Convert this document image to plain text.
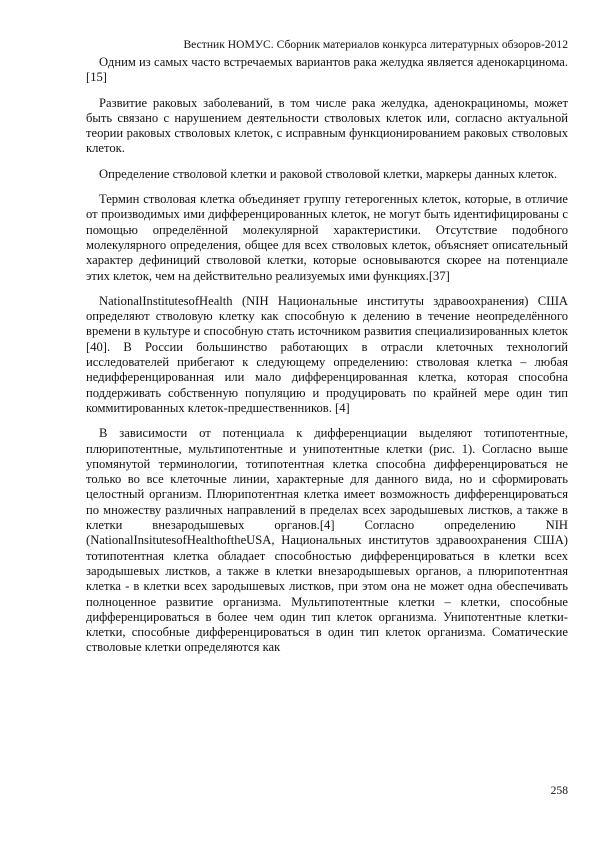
Вестник НОМУС. Сборник материалов конкурса литературных обзоров-2012

Одним из самых часто встречаемых вариантов рака желудка является аденокарцинома. [15]

Развитие раковых заболеваний, в том числе рака желудка, аденокрациномы, может быть связано с нарушением деятельности стволовых клеток или, согласно актуальной теории раковых стволовых клеток, с исправным функционированием раковых стволовых клеток.

Определение стволовой клетки и раковой стволовой клетки, маркеры данных клеток.

Термин стволовая клетка объединяет группу гетерогенных клеток, которые, в отличие от производимых ими дифференцированных клеток, не могут быть идентифицированы с помощью определённой молекулярной характеристики. Отсутствие подобного молекулярного определения, общее для всех стволовых клеток, объясняет описательный характер дефиниций стволовой клетки, которые основываются скорее на потенциале этих клеток, чем на действительно реализуемых ими функциях.[37]

NationalInstitutesofHealth (NIH Национальные институты здравоохранения) США определяют стволовую клетку как способную к делению в течение неопределённого времени в культуре и способную стать источником развития специализированных клеток [40]. В России большинство работающих в отрасли клеточных технологий исследователей прибегают к следующему определению: стволовая клетка – любая недифференцированная или мало дифференцированная клетка, которая способна поддерживать собственную популяцию и продуцировать по крайней мере один тип коммитированных клеток-предшественников. [4]

В зависимости от потенциала к дифференциации выделяют тотипотентные, плюрипотентные, мультипотентные и унипотентные клетки (рис. 1). Согласно выше упомянутой терминологии, тотипотентная клетка способна дифференцироваться не только во все клеточные линии, характерные для данного вида, но и сформировать целостный организм. Плюрипотентная клетка имеет возможность дифференцироваться по множеству различных направлений в пределах всех зародышевых листков, а также в клетки внезародышевых органов.[4] Согласно определению NIH (NationalInsitutesofHealthoftheUSA, Национальных институтов здравоохранения США) тотипотентная клетка обладает способностью дифференцироваться в клетки всех зародышевых листков, а также в клетки внезародышевых органов, а плюрипотентная клетка - в клетки всех зародышевых листков, при этом она не может одна обеспечивать полноценное развитие организма. Мультипотентные клетки – клетки, способные дифференцироваться в более чем один тип клеток организма. Унипотентные клетки- клетки, способные дифференцироваться в один тип клеток организма. Соматические стволовые клетки определяются как

258
